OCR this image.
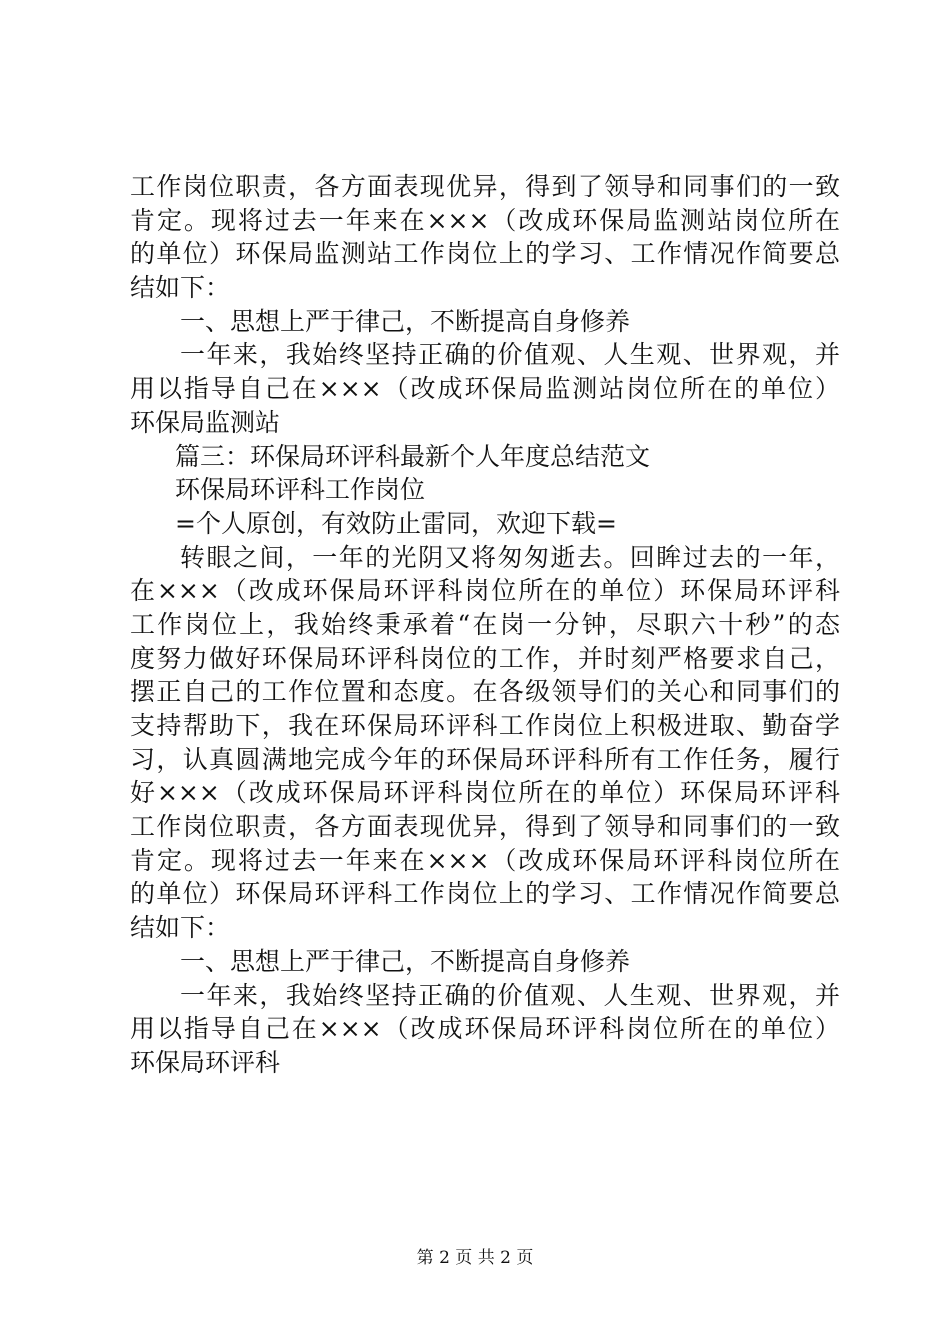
工作岗位职责，各方面表现优异，得到了领导和同事们的一致
肯定。现将过去一年来在×××（改成环保局监测站岗位所在
的单位）环保局监测站工作岗位上的学习、工作情况作简要总
结如下：
一、思想上严于律己，不断提高自身修养
一年来，我始终坚持正确的价值观、人生观、世界观，并
用以指导自己在×××（改成环保局监测站岗位所在的单位）
环保局监测站
篇三：环保局环评科最新个人年度总结范文
环保局环评科工作岗位
=个人原创，有效防止雷同，欢迎下载=
转眼之间，一年的光阴又将匆匆逝去。回眸过去的一年，
在×××（改成环保局环评科岗位所在的单位）环保局环评科
工作岗位上，我始终秉承着“在岗一分钟，尽职六十秒”的态
度努力做好环保局环评科岗位的工作，并时刻严格要求自己，
摆正自己的工作位置和态度。在各级领导们的关心和同事们的
支持帮助下，我在环保局环评科工作岗位上积极进取、勤奋学
习，认真圆满地完成今年的环保局环评科所有工作任务，履行
好×××（改成环保局环评科岗位所在的单位）环保局环评科
工作岗位职责，各方面表现优异，得到了领导和同事们的一致
肯定。现将过去一年来在×××（改成环保局环评科岗位所在
的单位）环保局环评科工作岗位上的学习、工作情况作简要总
结如下：
一、思想上严于律己，不断提高自身修养
一年来，我始终坚持正确的价值观、人生观、世界观，并
用以指导自己在×××（改成环保局环评科岗位所在的单位）
环保局环评科
第 2 页 共 2 页
